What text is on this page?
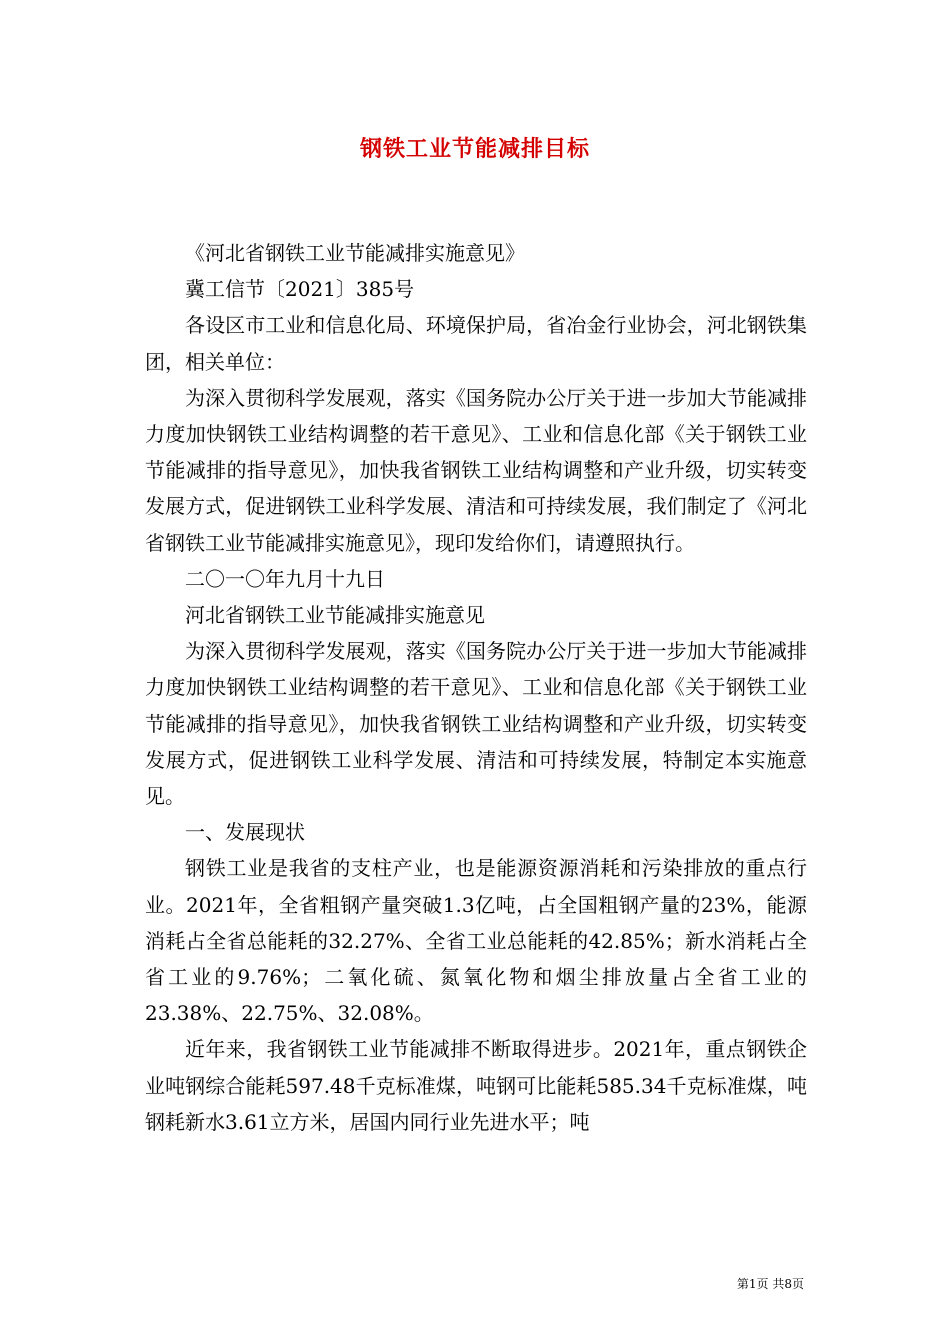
钢铁工业节能减排目标

《河北省钢铁工业节能减排实施意见》

冀工信节〔2021〕385号

各设区市工业和信息化局、环境保护局，省冶金行业协会，河北钢铁集团，相关单位：

为深入贯彻科学发展观，落实《国务院办公厅关于进一步加大节能减排力度加快钢铁工业结构调整的若干意见》、工业和信息化部《关于钢铁工业节能减排的指导意见》，加快我省钢铁工业结构调整和产业升级，切实转变发展方式，促进钢铁工业科学发展、清洁和可持续发展，我们制定了《河北省钢铁工业节能减排实施意见》，现印发给你们，请遵照执行。

二〇一〇年九月十九日

河北省钢铁工业节能减排实施意见

为深入贯彻科学发展观，落实《国务院办公厅关于进一步加大节能减排力度加快钢铁工业结构调整的若干意见》、工业和信息化部《关于钢铁工业节能减排的指导意见》，加快我省钢铁工业结构调整和产业升级，切实转变发展方式，促进钢铁工业科学发展、清洁和可持续发展，特制定本实施意见。

一、发展现状

钢铁工业是我省的支柱产业，也是能源资源消耗和污染排放的重点行业。2021年，全省粗钢产量突破1.3亿吨，占全国粗钢产量的23%，能源消耗占全省总能耗的32.27%、全省工业总能耗的42.85%；新水消耗占全省工业的9.76%；二氧化硫、氮氧化物和烟尘排放量占全省工业的23.38%、22.75%、32.08%。

近年来，我省钢铁工业节能减排不断取得进步。2021年，重点钢铁企业吨钢综合能耗597.48千克标准煤，吨钢可比能耗585.34千克标准煤，吨钢耗新水3.61立方米，居国内同行业先进水平；吨

第1页 共8页
